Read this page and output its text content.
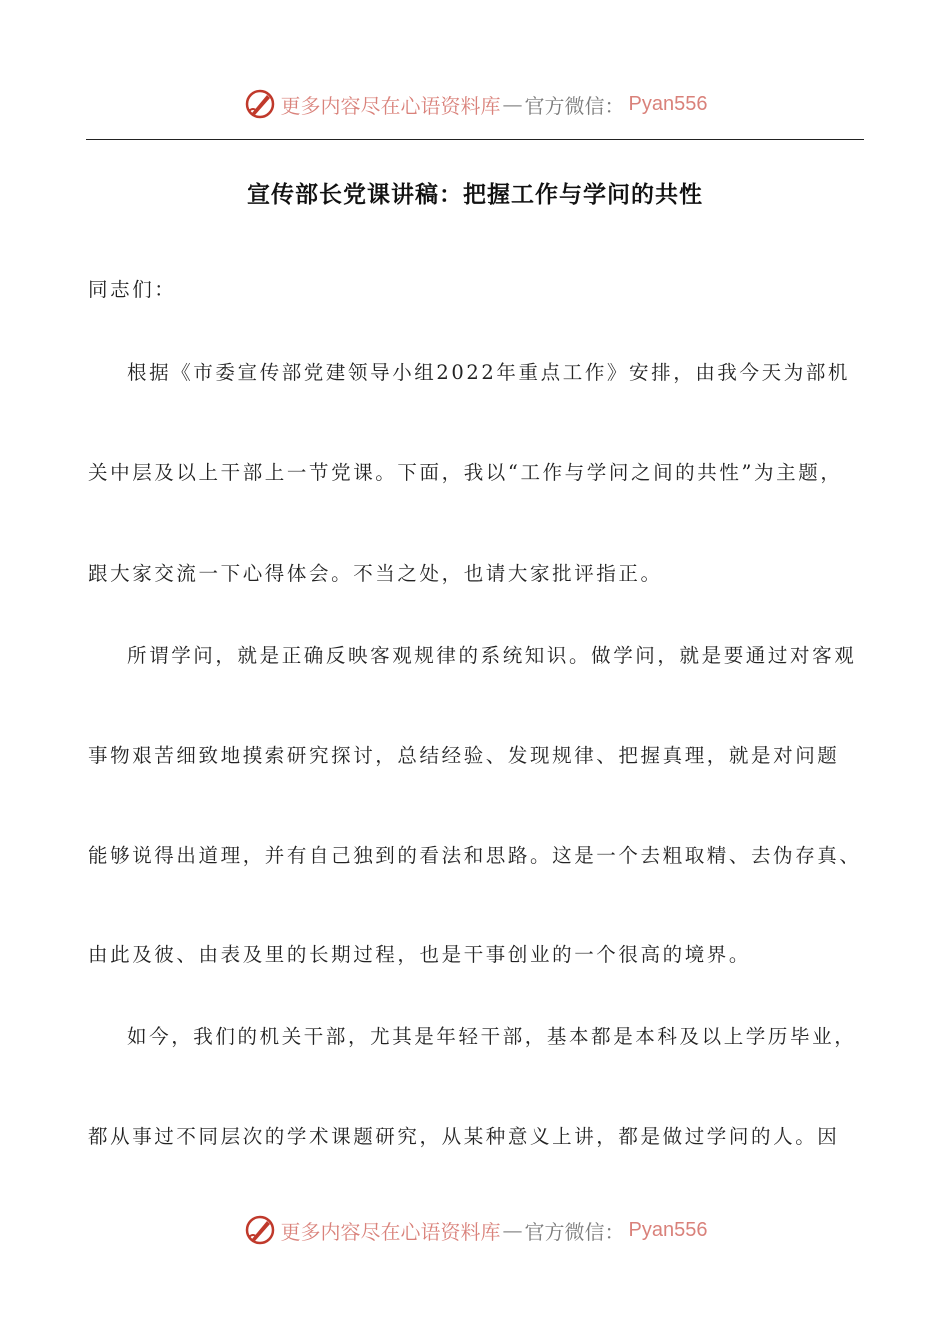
更多内容尽在心语资料库 — 官方微信： Pyan556
宣传部长党课讲稿：把握工作与学问的共性
同志们：
根据《市委宣传部党建领导小组2022年重点工作》安排，由我今天为部机
关中层及以上干部上一节党课。下面，我以“工作与学问之间的共性”为主题，
跟大家交流一下心得体会。不当之处，也请大家批评指正。
所谓学问，就是正确反映客观规律的系统知识。做学问，就是要通过对客观
事物艰苦细致地摸索研究探讨，总结经验、发现规律、把握真理，就是对问题
能够说得出道理，并有自己独到的看法和思路。这是一个去粗取精、去伪存真、
由此及彼、由表及里的长期过程，也是干事创业的一个很高的境界。
如今，我们的机关干部，尤其是年轻干部，基本都是本科及以上学历毕业，
都从事过不同层次的学术课题研究，从某种意义上讲，都是做过学问的人。因
更多内容尽在心语资料库 — 官方微信： Pyan556
